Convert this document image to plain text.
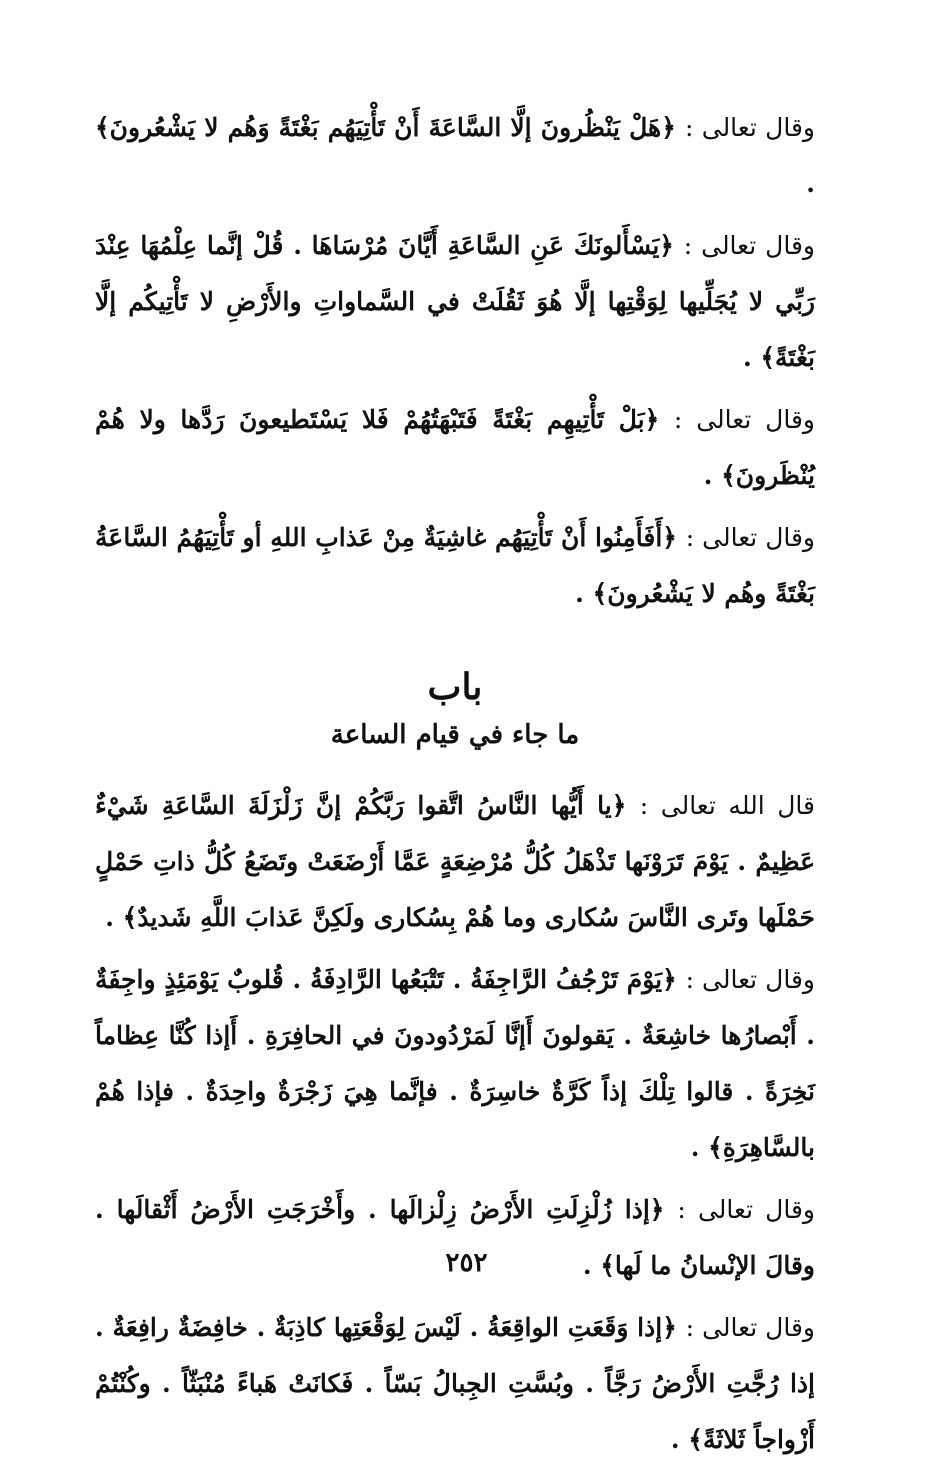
وقال تعالى : ﴿هَلْ يَنْظُرونَ إلَّا السَّاعَةَ أَنْ تَأْتِيَهُم بَغْتَةً وَهُم لا يَشْعُرونَ﴾ .
وقال تعالى : ﴿يَسْأَلونَكَ عَنِ السَّاعَةِ أَيَّانَ مُرْسَاهَا . قُلْ إنَّما عِلْمُهَا عِنْدَ رَبِّي لا يُجَلِّيها لِوَقْتِها إلَّا هُوَ ثَقُلَتْ في السَّماواتِ والأَرْضِ لا تَأْتِيكُم إلَّا بَغْتَةً﴾ .
وقال تعالى : ﴿بَلْ تَأْتِيهِم بَغْتَةً فَتَبْهَتُهُمْ فَلا يَسْتَطيعونَ رَدَّها ولا هُمْ يُنْظَرونَ﴾ .
وقال تعالى : ﴿أَفَأَمِنُوا أَنْ تَأْتِيَهُم غاشِيَةٌ مِنْ عَذابِ اللهِ أو تَأْتِيَهُمُ السَّاعَةُ بَغْتَةً وهُم لا يَشْعُرونَ﴾ .
باب
ما جاء في قيام الساعة
قال الله تعالى : ﴿يا أَيُّها النَّاسُ اتَّقوا رَبَّكُمْ إنَّ زَلْزَلَةَ السَّاعَةِ شَيْءٌ عَظِيمٌ . يَوْمَ تَرَوْنَها تَذْهَلُ كُلُّ مُرْضِعَةٍ عَمَّا أَرْضَعَتْ وتَضَعُ كُلُّ ذاتِ حَمْلٍ حَمْلَها وتَرى النَّاسَ سُكارى وما هُمْ بِسُكارى ولَكِنَّ عَذابَ اللَّهِ شَديدٌ﴾ .
وقال تعالى : ﴿يَوْمَ تَرْجُفُ الرَّاجِفَةُ . تَتْبَعُها الرَّادِفَةُ . قُلوبٌ يَوْمَئِذٍ واجِفَةٌ . أَبْصارُها خاشِعَةٌ . يَقولونَ أَإنَّا لَمَرْدُودونَ في الحافِرَةِ . أَإذا كُنَّا عِظاماً نَخِرَةً . قالوا تِلْكَ إذاً كَرَّةٌ خاسِرَةٌ . فإنَّما هِيَ زَجْرَةٌ واحِدَةٌ . فإذا هُمْ بالسَّاهِرَةِ﴾ .
وقال تعالى : ﴿إذا زُلْزِلَتِ الأَرْضُ زِلْزالَها . وأَخْرَجَتِ الأَرْضُ أَثْقالَها . وقالَ الإنْسانُ ما لَها﴾ .
وقال تعالى : ﴿إذا وَقَعَتِ الواقِعَةُ . لَيْسَ لِوَقْعَتِها كاذِبَةٌ . خافِضَةٌ رافِعَةٌ . إذا رُجَّتِ الأَرْضُ رَجَّاً . وبُسَّتِ الجِبالُ بَسّاً . فَكانَتْ هَباءً مُنْبَثّاً . وكُنْتُمْ أَزْواجاً ثَلاثَةً﴾ .
٢٥٢
